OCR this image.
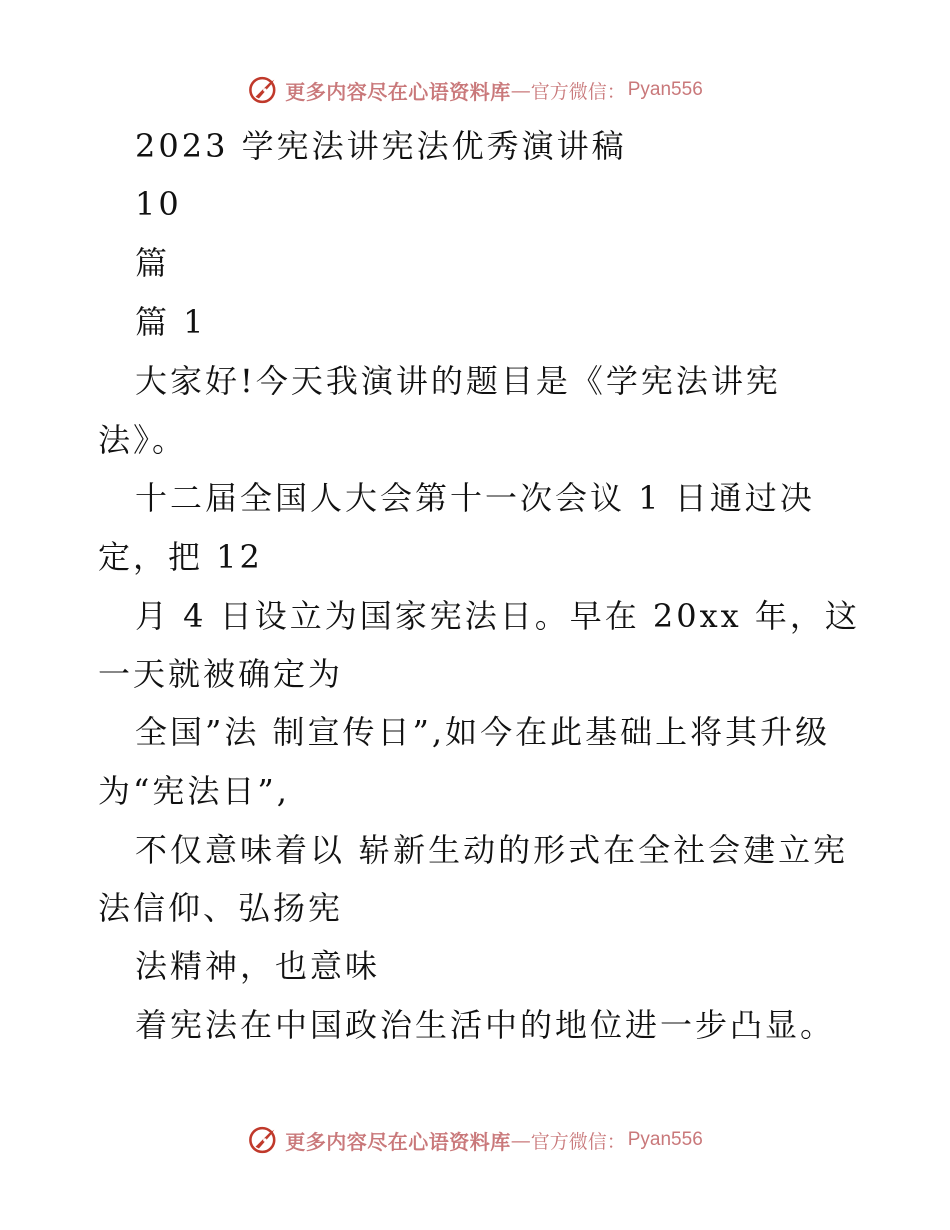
更多内容尽在心语资料库 — 官方微信： Pyan556
2023 学宪法讲宪法优秀演讲稿
10
篇
篇 1
大家好!今天我演讲的题目是《学宪法讲宪
法》。
十二届全国人大会第十一次会议 1 日通过决
定，把 12
月 4 日设立为国家宪法日。早在 20xx 年，这
一天就被确定为
全国”法 制宣传日”,如今在此基础上将其升级
为“宪法日”,
不仅意味着以 崭新生动的形式在全社会建立宪
法信仰、弘扬宪
法精神，也意味
着宪法在中国政治生活中的地位进一步凸显。
更多内容尽在心语资料库 — 官方微信： Pyan556
